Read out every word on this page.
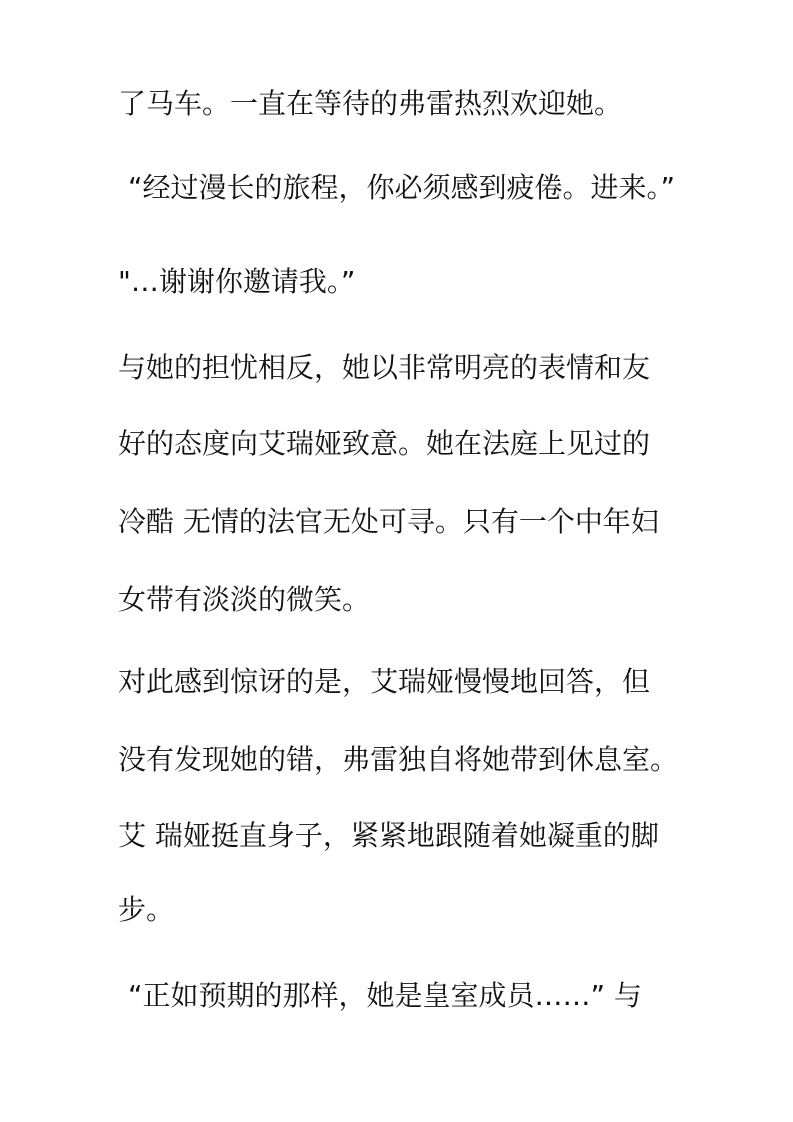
了马车。一直在等待的弗雷热烈欢迎她。
“经过漫长的旅程，你必须感到疲倦。进来。”
"…谢谢你邀请我。”
与她的担忧相反，她以非常明亮的表情和友
好的态度向艾瑞娅致意。她在法庭上见过的
冷酷 无情的法官无处可寻。只有一个中年妇
女带有淡淡的微笑。
对此感到惊讶的是，艾瑞娅慢慢地回答，但
没有发现她的错，弗雷独自将她带到休息室。
艾 瑞娅挺直身子，紧紧地跟随着她凝重的脚
步。
“正如预期的那样，她是皇室成员……” 与
